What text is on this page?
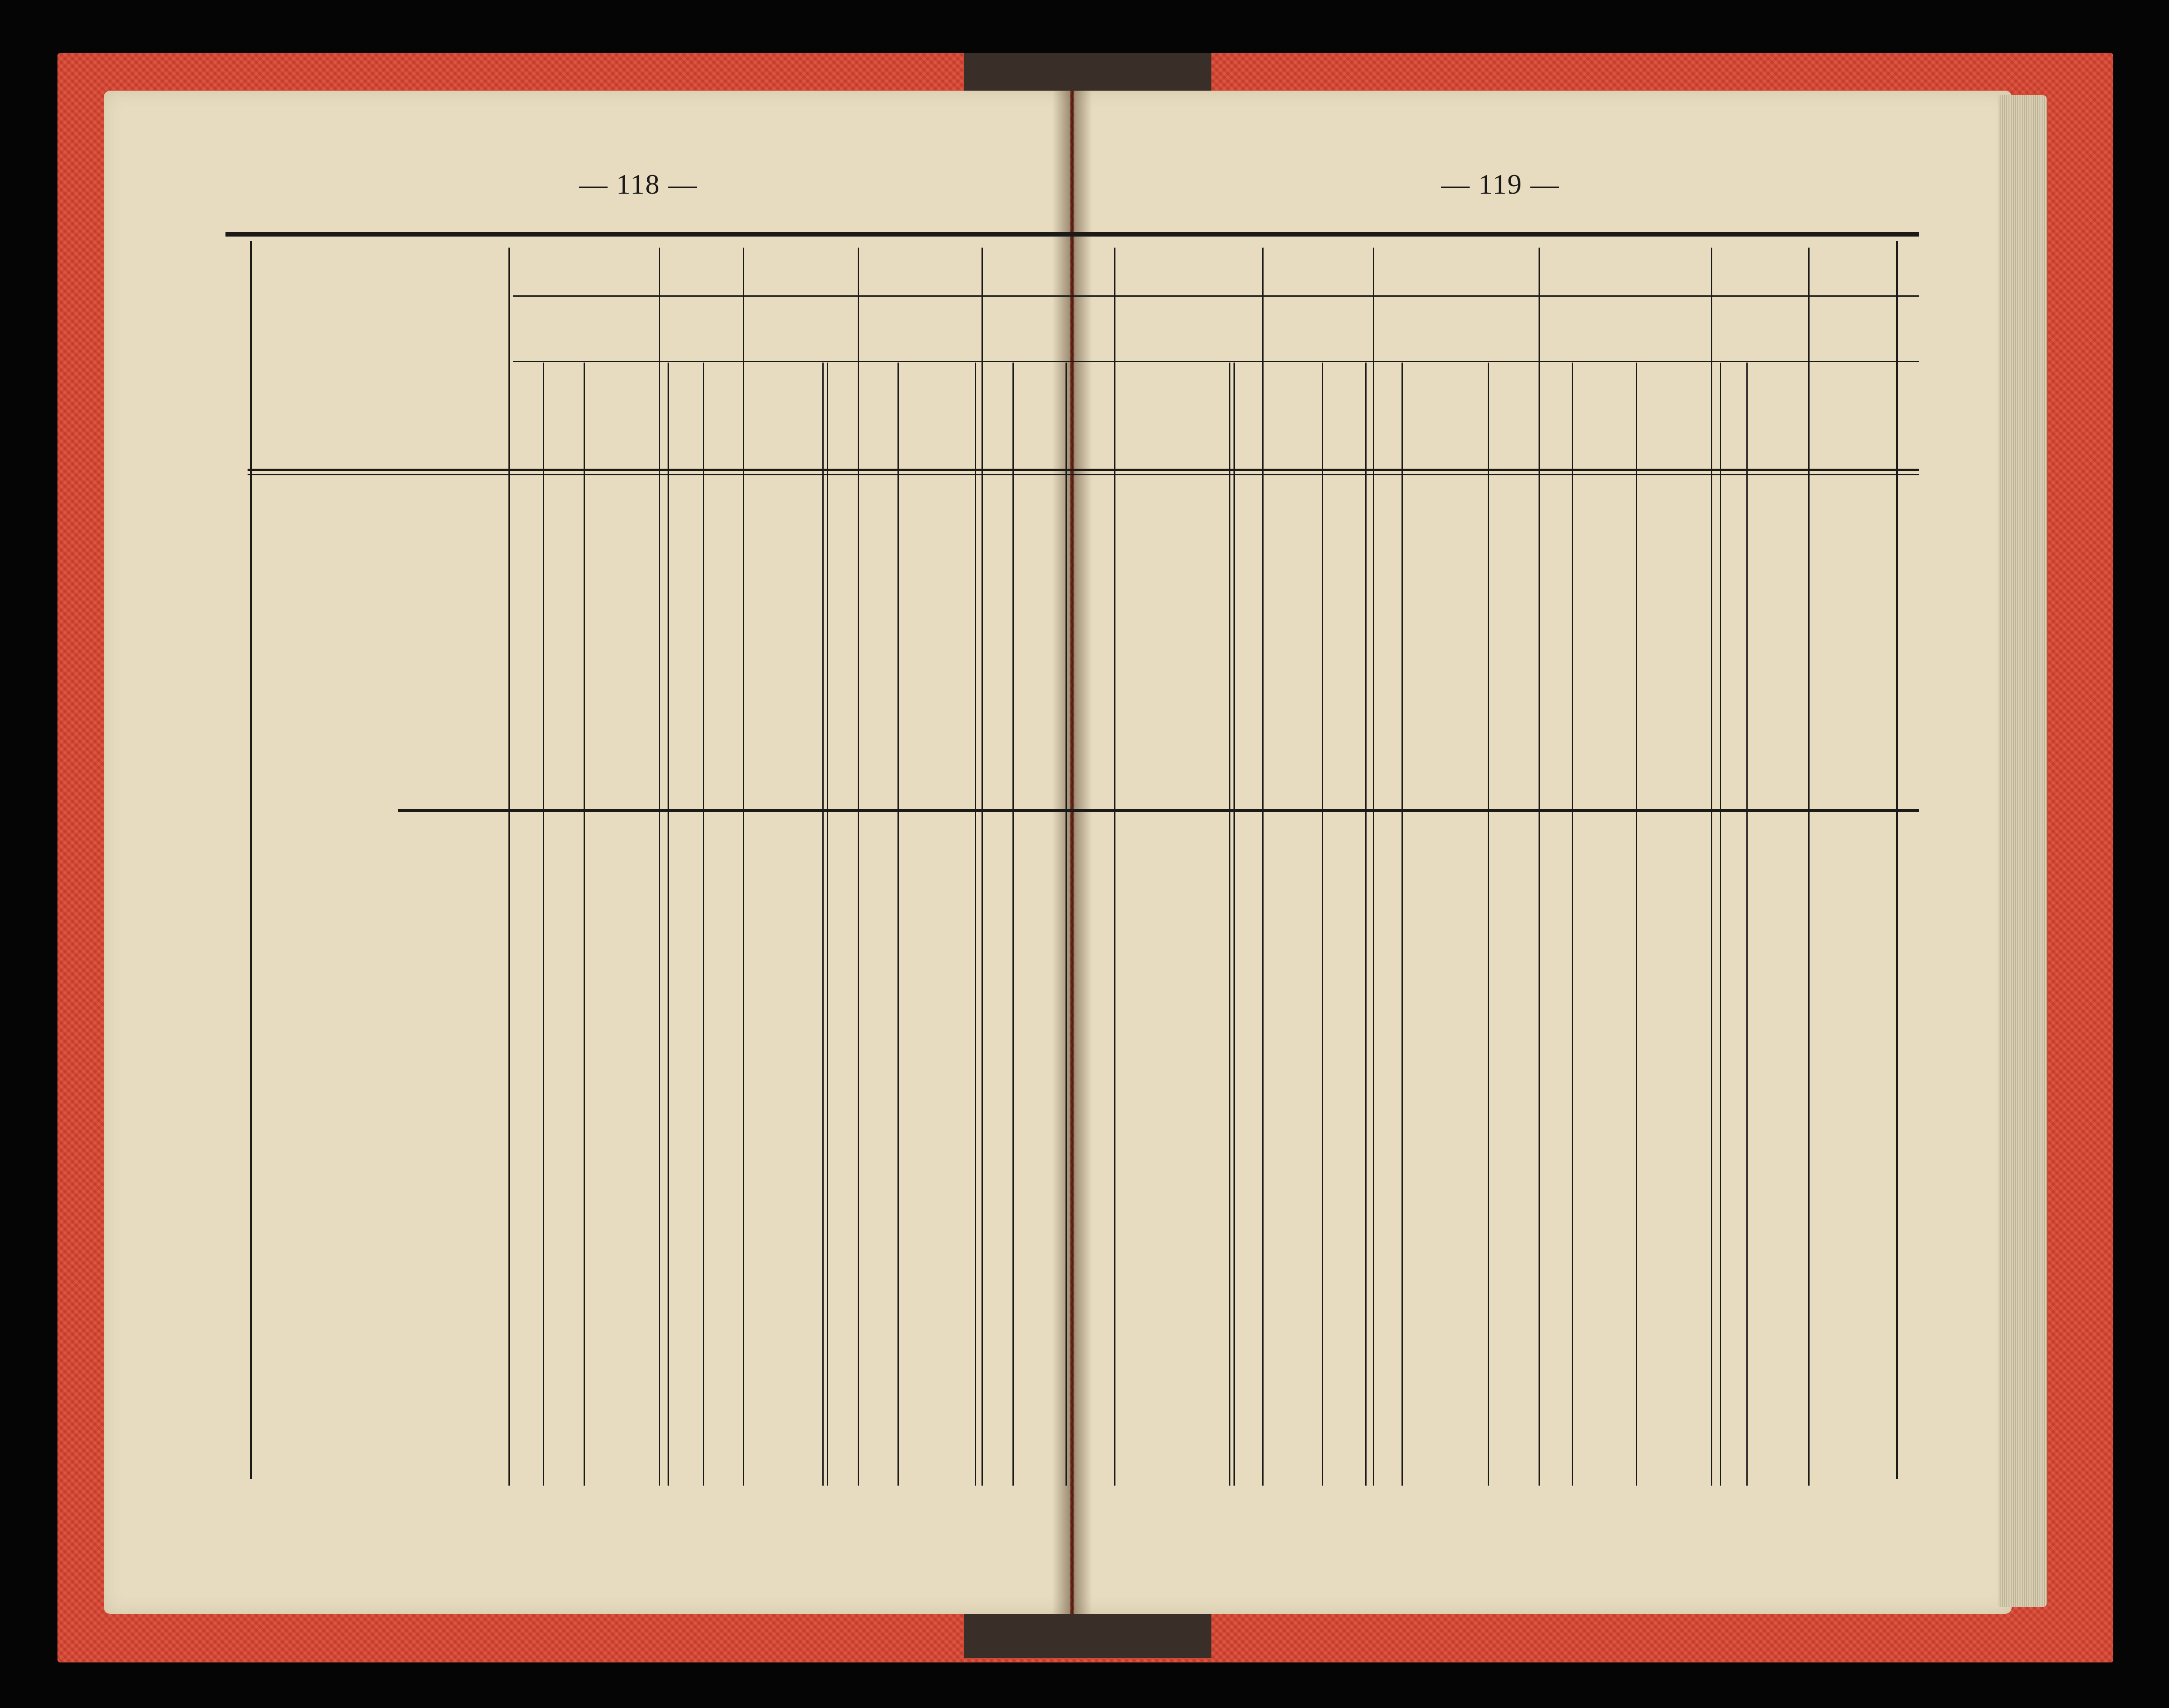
— 118 —	— 119 —
